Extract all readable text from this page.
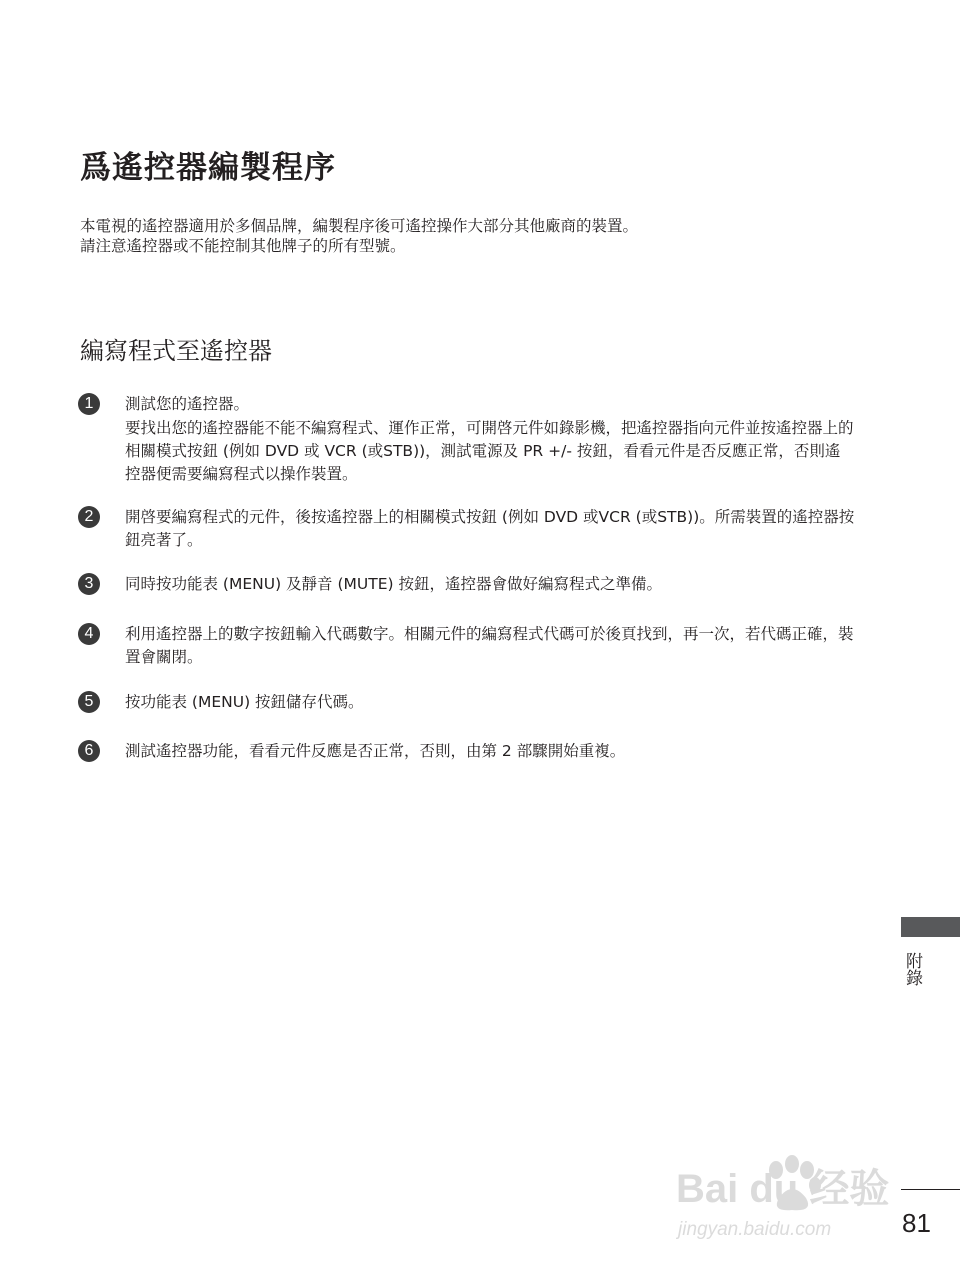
爲遙控器編製程序

本電視的遙控器適用於多個品牌，編製程序後可遙控操作大部分其他廠商的裝置。

請注意遙控器或不能控制其他牌子的所有型號。

編寫程式至遙控器
1	測試您的遙控器。

要找出您的遙控器能不能不編寫程式、運作正常，可開啓元件如錄影機，把遙控器指向元件並按遙控器上的相關模式按鈕 (例如 DVD 或 VCR (或STB))，測試電源及 PR +/- 按鈕，看看元件是否反應正常，否則遙控器便需要編寫程式以操作裝置。

2	開啓要編寫程式的元件，後按遙控器上的相關模式按鈕 (例如 DVD 或VCR (或STB))。所需裝置的遙控器按鈕亮著了。

3	同時按功能表 (MENU) 及靜音 (MUTE) 按鈕，遙控器會做好編寫程式之準備。

4	利用遙控器上的數字按鈕輸入代碼數字。相關元件的編寫程式代碼可於後頁找到，再一次，若代碼正確，裝置會關閉。

5	按功能表 (MENU) 按鈕儲存代碼。

6	測試遙控器功能，看看元件反應是否正常，否則，由第 2 部驟開始重複。

附錄
Bai du 经验
jingyan.baidu.com	81
